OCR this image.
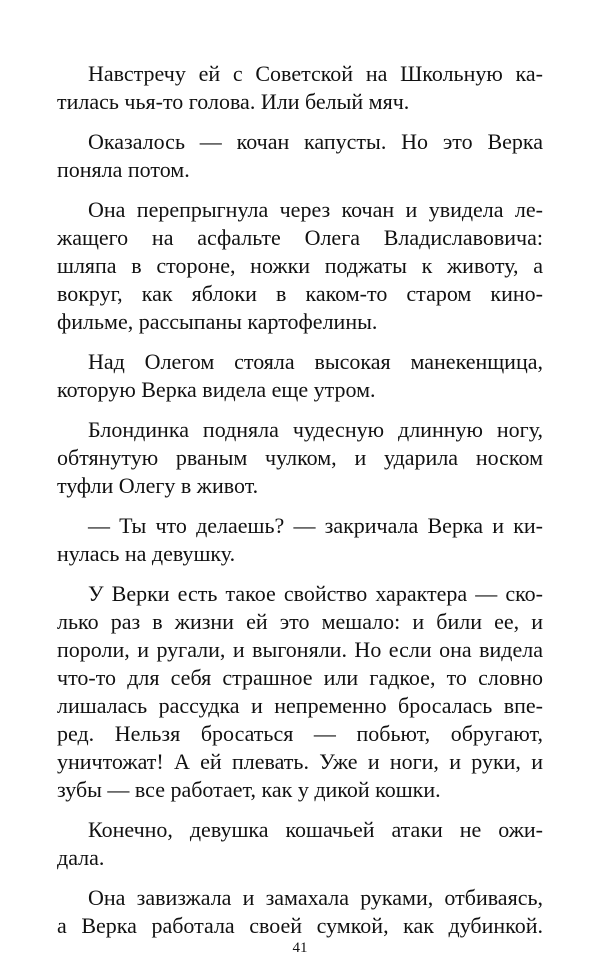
Навстречу ей с Советской на Школьную ка-
тилась чья-то голова. Или белый мяч.
Оказалось — кочан капусты. Но это Верка
поняла потом.
Она перепрыгнула через кочан и увидела ле-
жащего на асфальте Олега Владиславовича:
шляпа в стороне, ножки поджаты к животу, а
вокруг, как яблоки в каком-то старом кино-
фильме, рассыпаны картофелины.
Над Олегом стояла высокая манекенщица,
которую Верка видела еще утром.
Блондинка подняла чудесную длинную ногу,
обтянутую рваным чулком, и ударила носком
туфли Олегу в живот.
— Ты что делаешь? — закричала Верка и ки-
нулась на девушку.
У Верки есть такое свойство характера — ско-
лько раз в жизни ей это мешало: и били ее, и
пороли, и ругали, и выгоняли. Но если она видела
что-то для себя страшное или гадкое, то словно
лишалась рассудка и непременно бросалась впе-
ред. Нельзя бросаться — побьют, обругают,
уничтожат! А ей плевать. Уже и ноги, и руки, и
зубы — все работает, как у дикой кошки.
Конечно, девушка кошачьей атаки не ожи-
дала.
Она завизжала и замахала руками, отбиваясь,
а Верка работала своей сумкой, как дубинкой.
41
